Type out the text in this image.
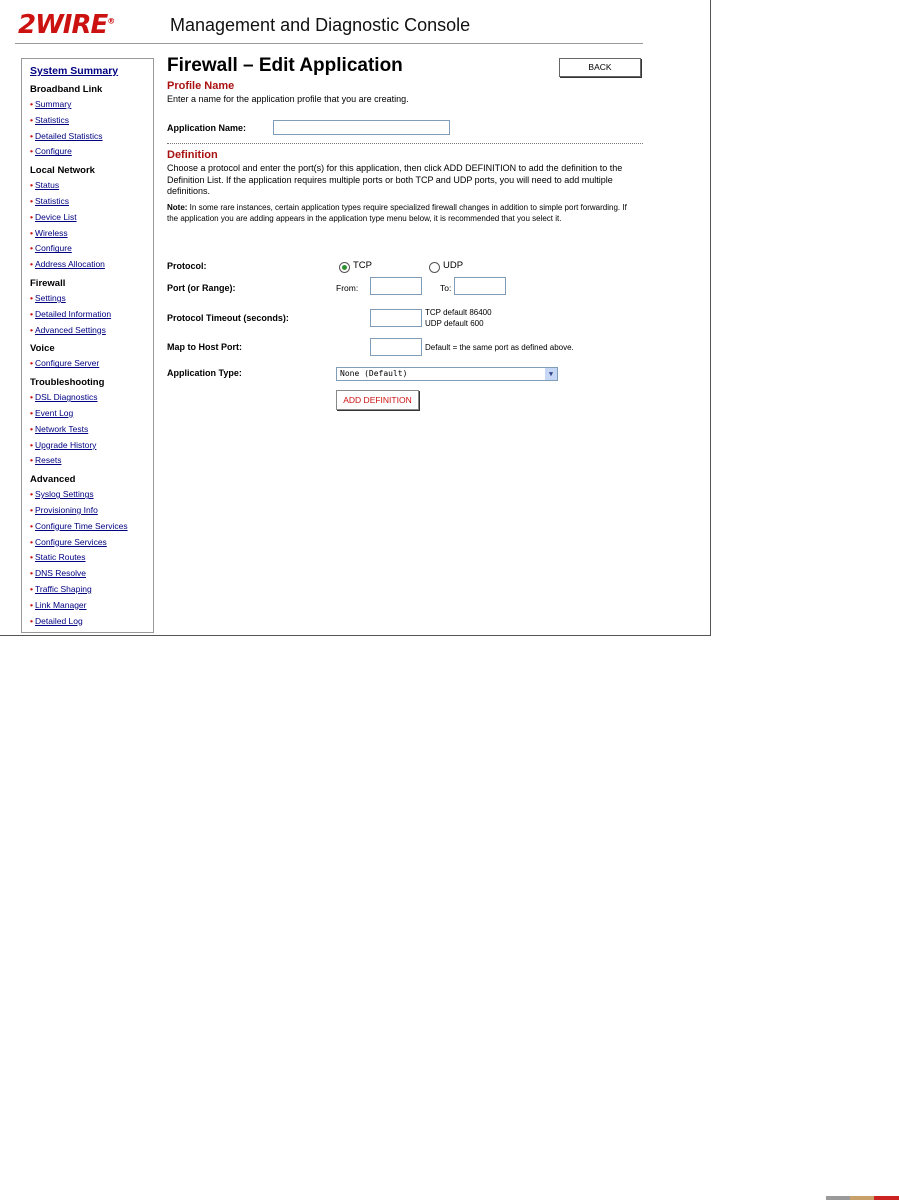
2WIRE®	Management and Diagnostic Console
System Summary
Broadband Link
• Summary
• Statistics
• Detailed Statistics
• Configure
Local Network
• Status
• Statistics
• Device List
• Wireless
• Configure
• Address Allocation
Firewall
• Settings
• Detailed Information
• Advanced Settings
Voice
• Configure Server
Troubleshooting
• DSL Diagnostics
• Event Log
• Network Tests
• Upgrade History
• Resets
Advanced
• Syslog Settings
• Provisioning Info
• Configure Time Services
• Configure Services
• Static Routes
• DNS Resolve
• Traffic Shaping
• Link Manager
• Detailed Log
Firewall – Edit Application	BACK
Profile Name
Enter a name for the application profile that you are creating.
Application Name:
Definition
Choose a protocol and enter the port(s) for this application, then click ADD DEFINITION to add the definition to the Definition List. If the application requires multiple ports or both TCP and UDP ports, you will need to add multiple definitions.
Note: In some rare instances, certain application types require specialized firewall changes in addition to simple port forwarding. If the application you are adding appears in the application type menu below, it is recommended that you select it.
Protocol:	TCP	UDP
Port (or Range):	From:	To:
Protocol Timeout (seconds):
TCP default 86400
UDP default 600
Map to Host Port:	Default = the same port as defined above.
Application Type:	None (Default)	▼
ADD DEFINITION
